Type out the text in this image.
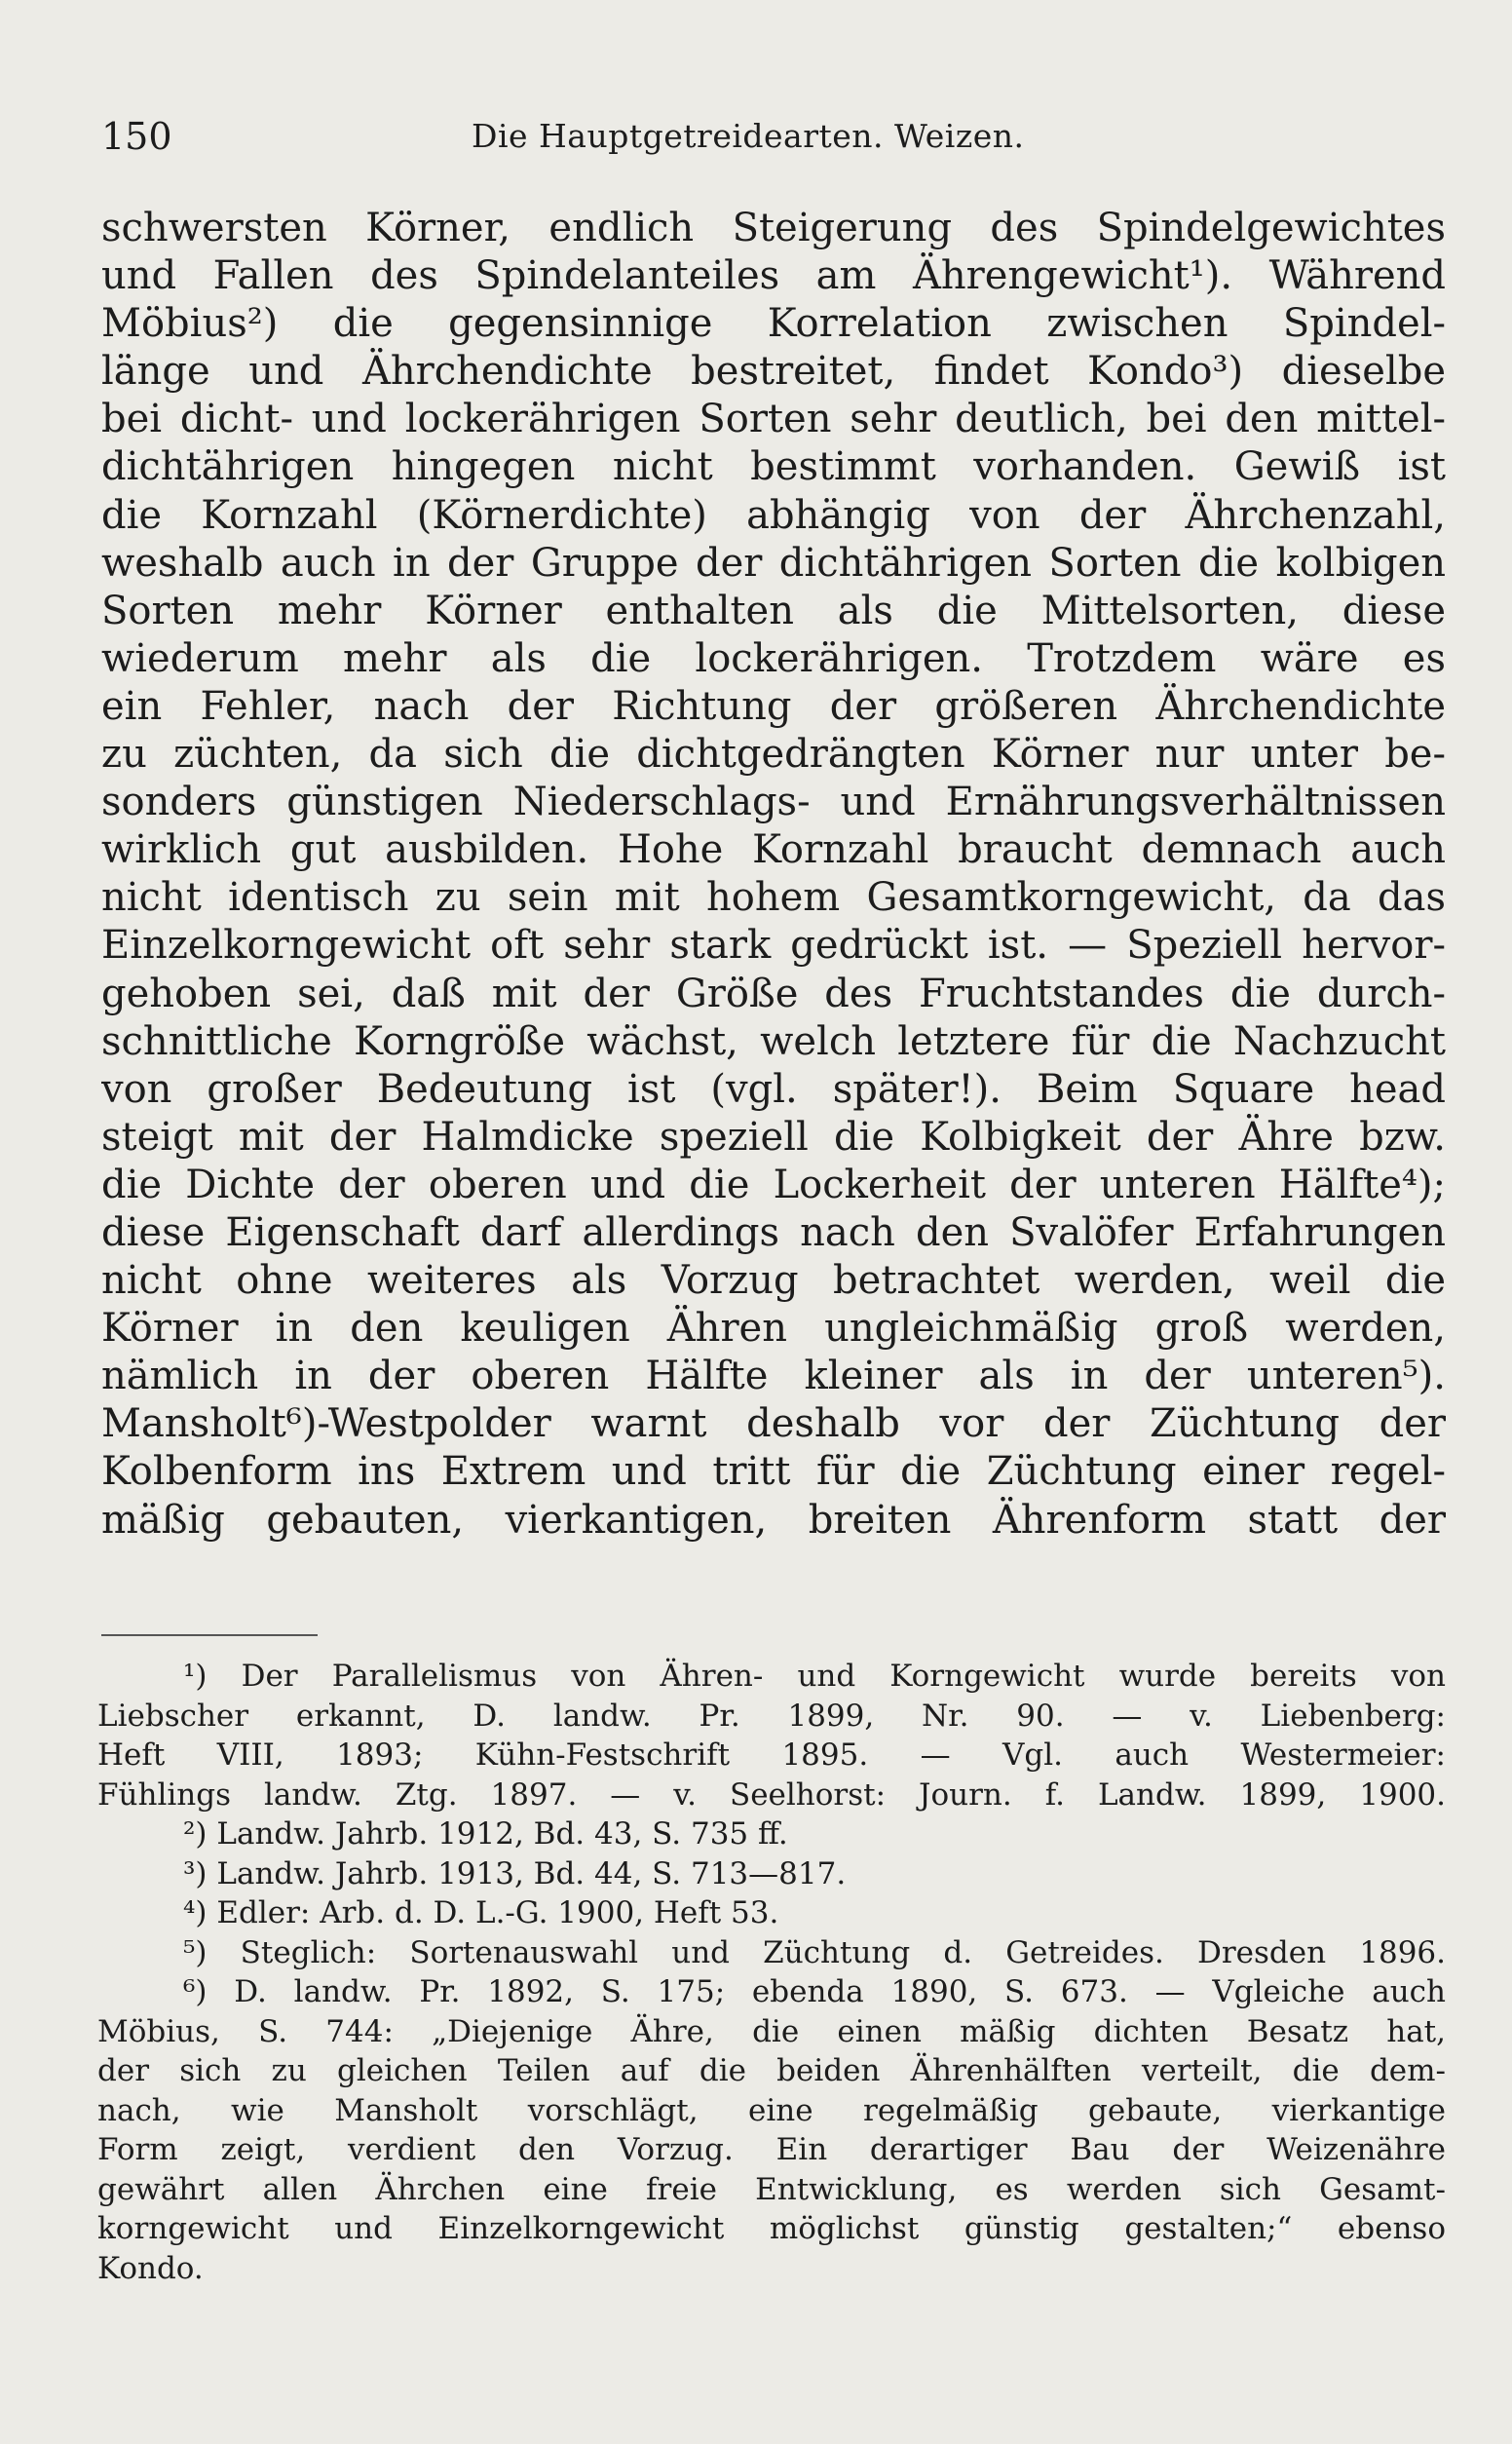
150	Die Hauptgetreidearten. Weizen.
schwersten Körner, endlich Steigerung des Spindelgewichtes
und Fallen des Spindelanteiles am Ährengewicht¹). Während
Möbius²) die gegensinnige Korrelation zwischen Spindel-
länge und Ährchendichte bestreitet, findet Kondo³) dieselbe
bei dicht- und lockerährigen Sorten sehr deutlich, bei den mittel-
dichtährigen hingegen nicht bestimmt vorhanden. Gewiß ist
die Kornzahl (Körnerdichte) abhängig von der Ährchenzahl,
weshalb auch in der Gruppe der dichtährigen Sorten die kolbigen
Sorten mehr Körner enthalten als die Mittelsorten, diese
wiederum mehr als die lockerährigen. Trotzdem wäre es
ein Fehler, nach der Richtung der größeren Ährchendichte
zu züchten, da sich die dichtgedrängten Körner nur unter be-
sonders günstigen Niederschlags- und Ernährungsverhältnissen
wirklich gut ausbilden. Hohe Kornzahl braucht demnach auch
nicht identisch zu sein mit hohem Gesamtkorngewicht, da das
Einzelkorngewicht oft sehr stark gedrückt ist. — Speziell hervor-
gehoben sei, daß mit der Größe des Fruchtstandes die durch-
schnittliche Korngröße wächst, welch letztere für die Nachzucht
von großer Bedeutung ist (vgl. später!). Beim Square head
steigt mit der Halmdicke speziell die Kolbigkeit der Ähre bzw.
die Dichte der oberen und die Lockerheit der unteren Hälfte⁴);
diese Eigenschaft darf allerdings nach den Svalöfer Erfahrungen
nicht ohne weiteres als Vorzug betrachtet werden, weil die
Körner in den keuligen Ähren ungleichmäßig groß werden,
nämlich in der oberen Hälfte kleiner als in der unteren⁵).
Mansholt⁶)-Westpolder warnt deshalb vor der Züchtung der
Kolbenform ins Extrem und tritt für die Züchtung einer regel-
mäßig gebauten, vierkantigen, breiten Ährenform statt der
¹) Der Parallelismus von Ähren- und Korngewicht wurde bereits von
Liebscher erkannt, D. landw. Pr. 1899, Nr. 90. — v. Liebenberg:
Heft VIII, 1893; Kühn-Festschrift 1895. — Vgl. auch Westermeier:
Fühlings landw. Ztg. 1897. — v. Seelhorst: Journ. f. Landw. 1899, 1900.
²) Landw. Jahrb. 1912, Bd. 43, S. 735 ff.
³) Landw. Jahrb. 1913, Bd. 44, S. 713—817.
⁴) Edler: Arb. d. D. L.-G. 1900, Heft 53.
⁵) Steglich: Sortenauswahl und Züchtung d. Getreides. Dresden 1896.
⁶) D. landw. Pr. 1892, S. 175; ebenda 1890, S. 673. — Vgleiche auch
Möbius, S. 744: „Diejenige Ähre, die einen mäßig dichten Besatz hat,
der sich zu gleichen Teilen auf die beiden Ährenhälften verteilt, die dem-
nach, wie Mansholt vorschlägt, eine regelmäßig gebaute, vierkantige
Form zeigt, verdient den Vorzug. Ein derartiger Bau der Weizenähre
gewährt allen Ährchen eine freie Entwicklung, es werden sich Gesamt-
korngewicht und Einzelkorngewicht möglichst günstig gestalten;“ ebenso
Kondo.
